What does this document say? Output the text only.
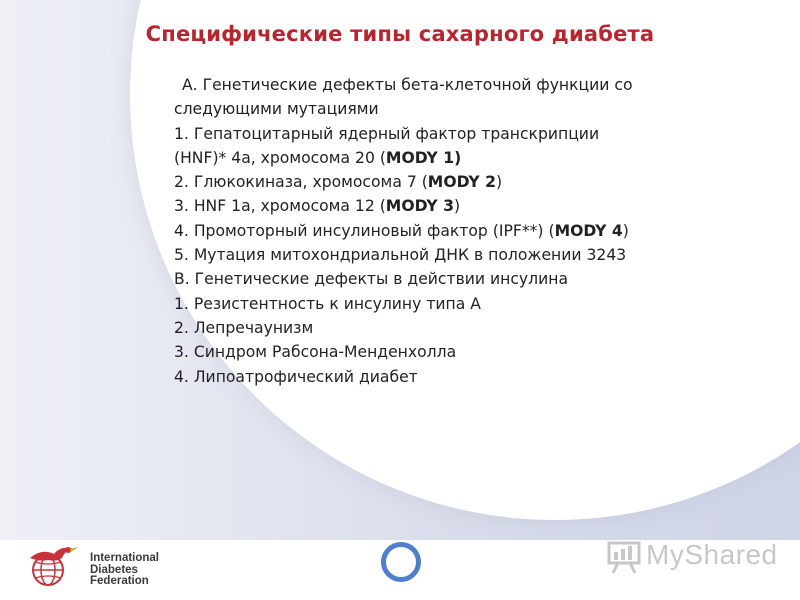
Специфические типы сахарного диабета
А. Генетические дефекты бета-клеточной функции со
следующими мутациями
1. Гепатоцитарный ядерный фактор транскрипции
(HNF)* 4a, хромосома 20 (MODY 1)
2. Глюкокиназа, хромосома 7 (MODY 2)
3. HNF 1a, хромосома 12 (MODY 3)
4. Промоторный инсулиновый фактор (IPF**) (MODY 4)
5. Мутация митохондриальной ДНК в положении 3243
В. Генетические дефекты в действии инсулина
1. Резистентность к инсулину типа А
2. Лепречаунизм
3. Синдром Рабсона-Менденхолла
4. Липоатрофический диабет
International
Diabetes
Federation
MyShared
